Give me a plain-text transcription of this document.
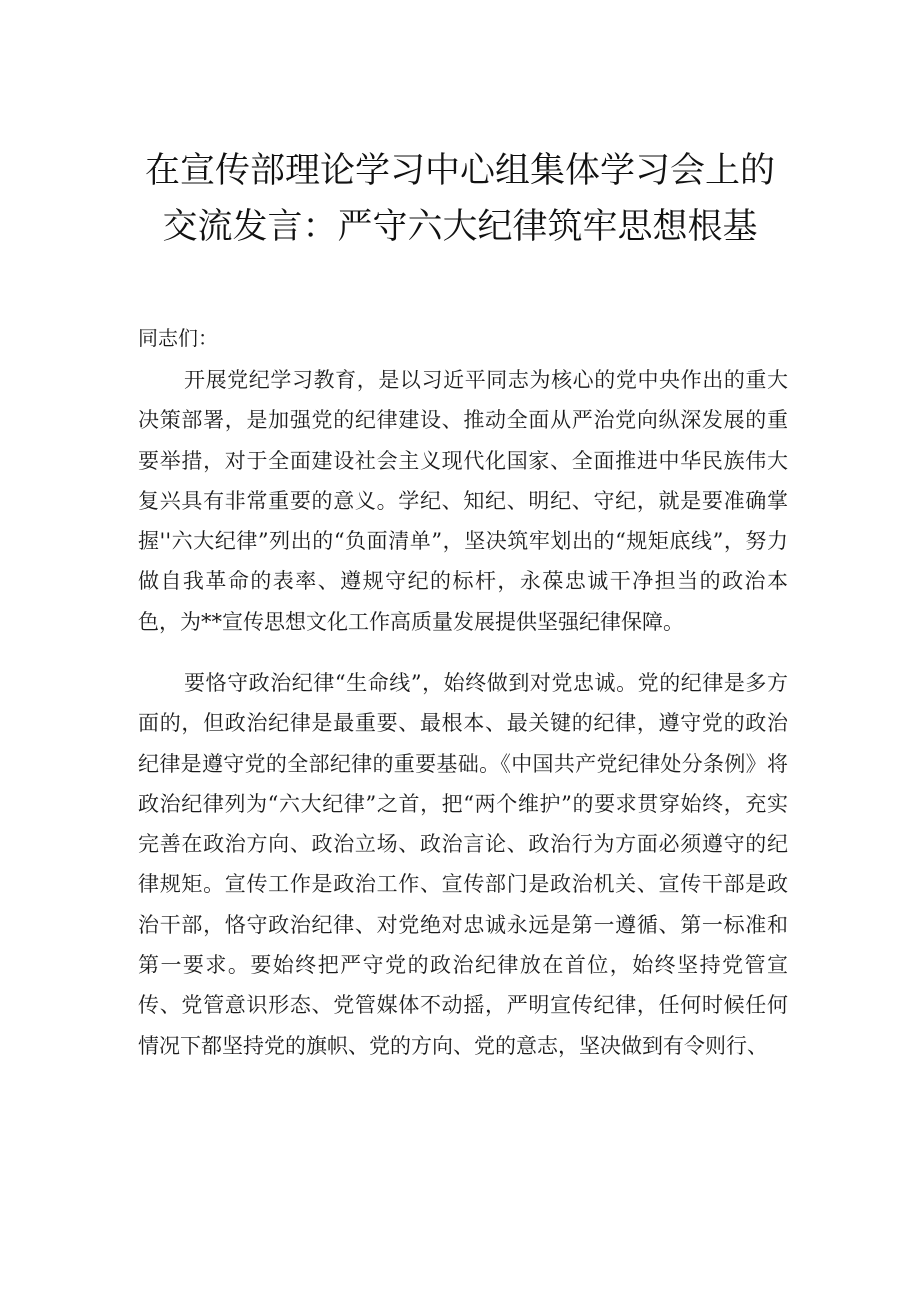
在宣传部理论学习中心组集体学习会上的
交流发言：严守六大纪律筑牢思想根基
同志们：

开展党纪学习教育，是以习近平同志为核心的党中央作出的重大决策部署，是加强党的纪律建设、推动全面从严治党向纵深发展的重要举措，对于全面建设社会主义现代化国家、全面推进中华民族伟大复兴具有非常重要的意义。学纪、知纪、明纪、守纪，就是要准确掌握''六大纪律”列出的“负面清单”，坚决筑牢划出的“规矩底线”，努力做自我革命的表率、遵规守纪的标杆，永葆忠诚干净担当的政治本色，为**宣传思想文化工作高质量发展提供坚强纪律保障。

要恪守政治纪律“生命线”，始终做到对党忠诚。党的纪律是多方面的，但政治纪律是最重要、最根本、最关键的纪律，遵守党的政治纪律是遵守党的全部纪律的重要基础。《中国共产党纪律处分条例》将政治纪律列为“六大纪律”之首，把“两个维护”的要求贯穿始终，充实完善在政治方向、政治立场、政治言论、政治行为方面必须遵守的纪律规矩。宣传工作是政治工作、宣传部门是政治机关、宣传干部是政治干部，恪守政治纪律、对党绝对忠诚永远是第一遵循、第一标准和第一要求。要始终把严守党的政治纪律放在首位，始终坚持党管宣传、党管意识形态、党管媒体不动摇，严明宣传纪律，任何时候任何情况下都坚持党的旗帜、党的方向、党的意志，坚决做到有令则行、
